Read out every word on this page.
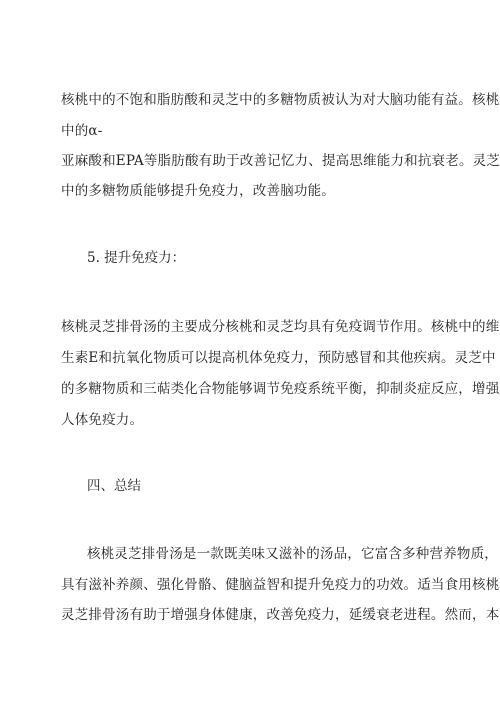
核桃中的不饱和脂肪酸和灵芝中的多糖物质被认为对大脑功能有益。核桃
中的α-
亚麻酸和EPA等脂肪酸有助于改善记忆力、提高思维能力和抗衰老。灵芝
中的多糖物质能够提升免疫力，改善脑功能。
5. 提升免疫力：
核桃灵芝排骨汤的主要成分核桃和灵芝均具有免疫调节作用。核桃中的维
生素E和抗氧化物质可以提高机体免疫力，预防感冒和其他疾病。灵芝中
的多糖物质和三萜类化合物能够调节免疫系统平衡，抑制炎症反应，增强
人体免疫力。
四、总结
核桃灵芝排骨汤是一款既美味又滋补的汤品，它富含多种营养物质，
具有滋补养颜、强化骨骼、健脑益智和提升免疫力的功效。适当食用核桃
灵芝排骨汤有助于增强身体健康，改善免疫力，延缓衰老进程。然而，本
